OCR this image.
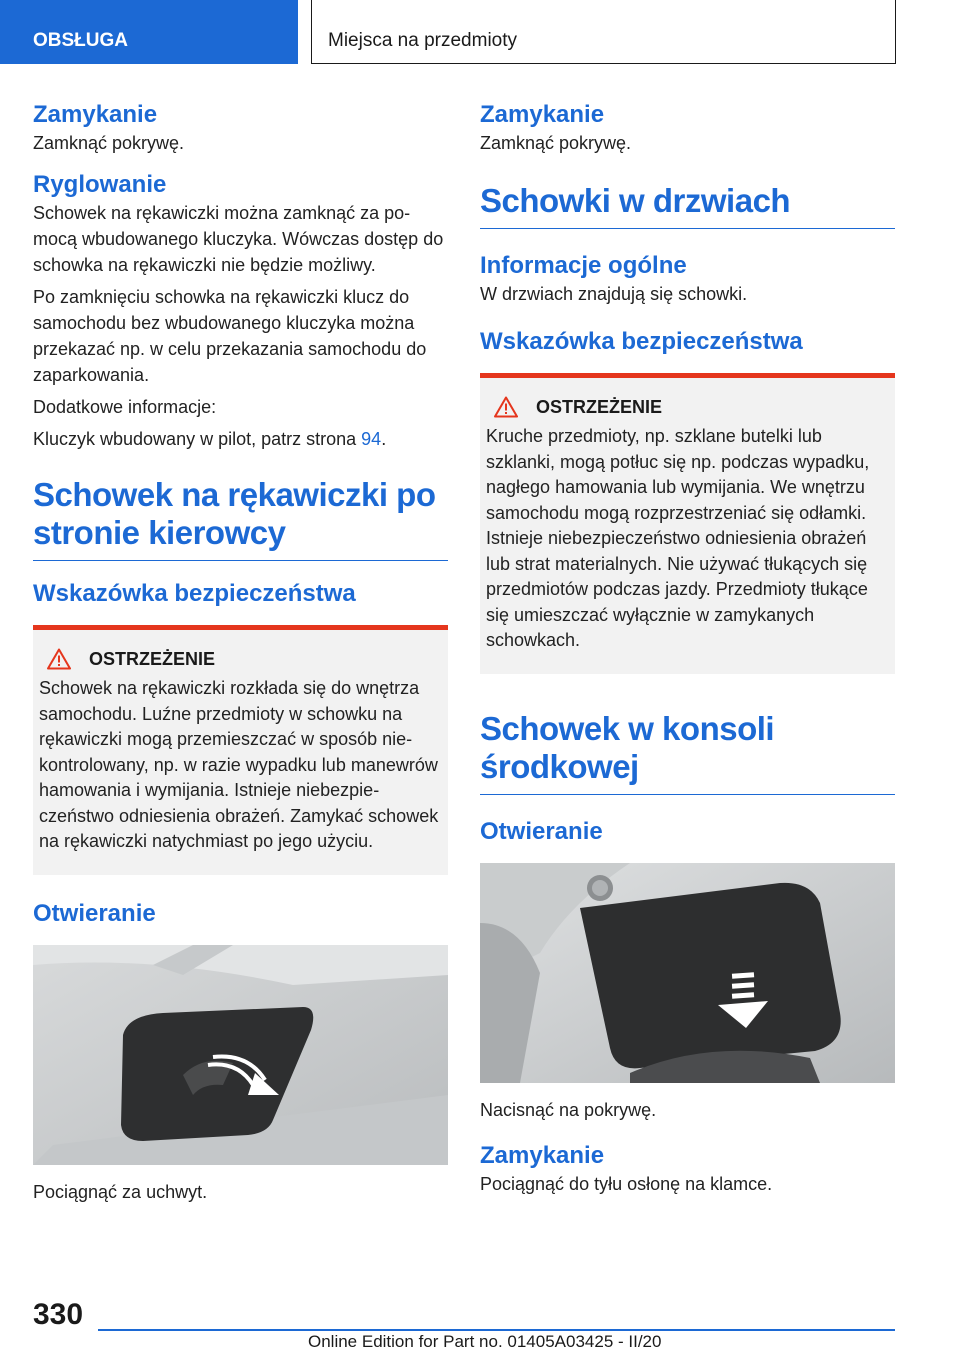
OBSŁUGA	Miejsca na przedmioty
Zamykanie

Zamknąć pokrywę.

Ryglowanie

Schowek na rękawiczki można zamknąć za pomocą wbudowanego kluczyka. Wówczas dostęp do schowka na rękawiczki nie będzie możliwy.

Po zamknięciu schowka na rękawiczki klucz do samochodu bez wbudowanego kluczyka można przekazać np. w celu przekazania samochodu do zaparkowania.

Dodatkowe informacje:

Kluczyk wbudowany w pilot, patrz strona 94.

Schowek na rękawiczki po stronie kierowcy
Wskazówka bezpieczeństwa
OSTRZEŻENIE

Schowek na rękawiczki rozkłada się do wnętrza samochodu. Luźne przedmioty w schowku na rękawiczki mogą przemieszczać w sposób niekontrolowany, np. w razie wypadku lub manewrów hamowania i wymijania. Istnieje niebezpieczeństwo odniesienia obrażeń. Zamykać schowek na rękawiczki natychmiast po jego użyciu.

Otwieranie

Pociągnąć za uchwyt.

Zamykanie

Zamknąć pokrywę.

Schowki w drzwiach
Informacje ogólne

W drzwiach znajdują się schowki.

Wskazówka bezpieczeństwa
OSTRZEŻENIE

Kruche przedmioty, np. szklane butelki lub szklanki, mogą potłuc się np. podczas wypadku, nagłego hamowania lub wymijania. We wnętrzu samochodu mogą rozprzestrzeniać się odłamki. Istnieje niebezpieczeństwo odniesienia obrażeń lub strat materialnych. Nie używać tłukących się przedmiotów podczas jazdy. Przedmioty tłukące się umieszczać wyłącznie w zamykanych schowkach.

Schowek w konsoli środkowej
Otwieranie

Nacisnąć na pokrywę.

Zamykanie

Pociągnąć do tyłu osłonę na klamce.

330
Online Edition for Part no. 01405A03425 - II/20
